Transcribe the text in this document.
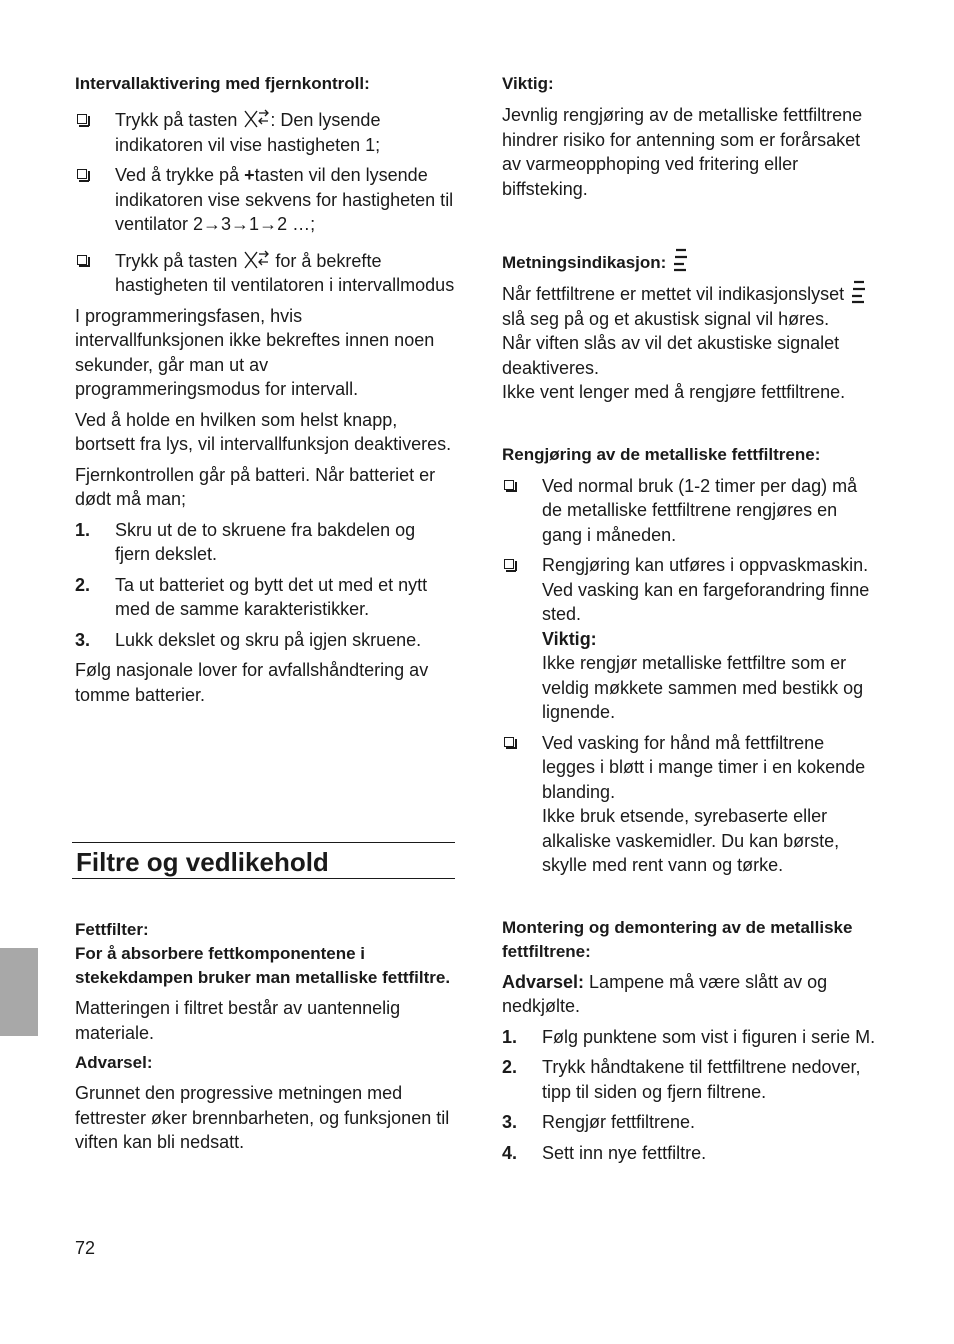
Intervallaktivering med fjernkontroll:

Trykk på tasten : Den lysende indikatoren vil vise hastigheten 1;
Ved å trykke på +tasten vil den lysende indikatoren vise sekvens for hastigheten til ventilator 2→3→1→2 …;
Trykk på tasten  for å bekrefte hastigheten til ventilatoren i intervallmodus

I programmeringsfasen, hvis intervallfunksjonen ikke bekreftes innen noen sekunder, går man ut av programmeringsmodus for intervall.

Ved å holde en hvilken som helst knapp, bortsett fra lys, vil intervallfunksjon deaktiveres.

Fjernkontrollen går på batteri. Når batteriet er dødt må man;

1. Skru ut de to skruene fra bakdelen og fjern dekslet.
2. Ta ut batteriet og bytt det ut med et nytt med de samme karakteristikker.
3. Lukk dekslet og skru på igjen skruene.

Følg nasjonale lover for avfallshåndtering av tomme batterier.

Filtre og vedlikehold

Fettfilter:

For å absorbere fettkomponentene i stekekdampen bruker man metalliske fettfiltre.

Matteringen i filtret består av uantennelig materiale.

Advarsel:

Grunnet den progressive metningen med fettrester øker brennbarheten, og funksjonen til viften kan bli nedsatt.

Viktig:

Jevnlig rengjøring av de metalliske fettfiltrene hindrer risiko for antenning som er forårsaket av varmeopphoping ved fritering eller biffsteking.

Metningsindikasjon:

Når fettfiltrene er mettet vil indikasjonslyset  slå seg på og et akustisk signal vil høres.

Når viften slås av vil det akustiske signalet deaktiveres.

Ikke vent lenger med å rengjøre fettfiltrene.

Rengjøring av de metalliske fettfiltrene:

Ved normal bruk (1-2 timer per dag) må de metalliske fettfiltrene rengjøres en gang i måneden.
Rengjøring kan utføres i oppvaskmaskin. Ved vasking kan en fargeforandring finne sted.
Viktig:
Ikke rengjør metalliske fettfiltre som er veldig møkkete sammen med bestikk og lignende.
Ved vasking for hånd må fettfiltrene legges i bløtt i mange timer i en kokende blanding.
Ikke bruk etsende, syrebaserte eller alkaliske vaskemidler. Du kan børste, skylle med rent vann og tørke.

Montering og demontering av de metalliske fettfiltrene:

Advarsel: Lampene må være slått av og nedkjølte.

1. Følg punktene som vist i figuren i serie M.
2. Trykk håndtakene til fettfiltrene nedover, tipp til siden og fjern filtrene.
3. Rengjør fettfiltrene.
4. Sett inn nye fettfiltre.
72
